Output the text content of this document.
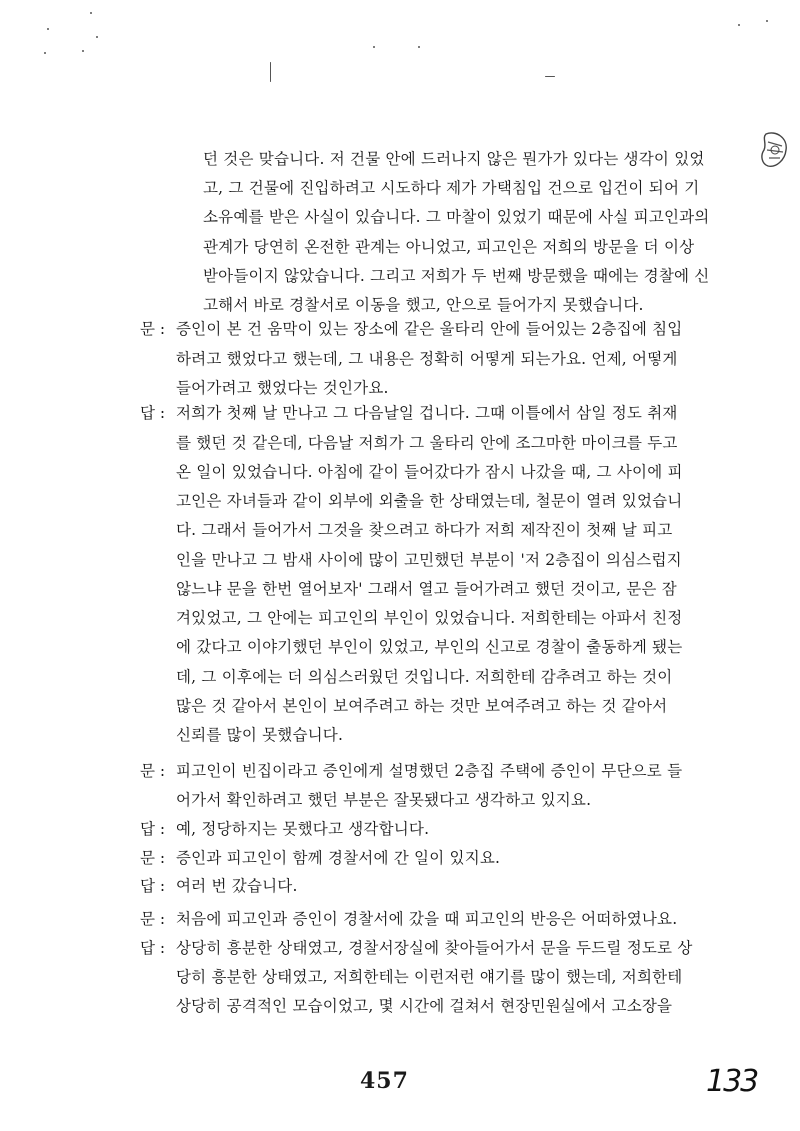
던 것은 맞습니다. 저 건물 안에 드러나지 않은 뭔가가 있다는 생각이 있었
고, 그 건물에 진입하려고 시도하다 제가 가택침입 건으로 입건이 되어 기
소유예를 받은 사실이 있습니다. 그 마찰이 있었기 때문에 사실 피고인과의
관계가 당연히 온전한 관계는 아니었고, 피고인은 저희의 방문을 더 이상
받아들이지 않았습니다. 그리고 저희가 두 번째 방문했을 때에는 경찰에 신
고해서 바로 경찰서로 이동을 했고, 안으로 들어가지 못했습니다.
문 : 증인이 본 건 움막이 있는 장소에 같은 울타리 안에 들어있는 2층집에 침입
하려고 했었다고 했는데, 그 내용은 정확히 어떻게 되는가요. 언제, 어떻게
들어가려고 했었다는 것인가요.
답 : 저희가 첫째 날 만나고 그 다음날일 겁니다. 그때 이틀에서 삼일 정도 취재
를 했던 것 같은데, 다음날 저희가 그 울타리 안에 조그마한 마이크를 두고
온 일이 있었습니다. 아침에 같이 들어갔다가 잠시 나갔을 때, 그 사이에 피
고인은 자녀들과 같이 외부에 외출을 한 상태였는데, 철문이 열려 있었습니
다. 그래서 들어가서 그것을 찾으려고 하다가 저희 제작진이 첫째 날 피고
인을 만나고 그 밤새 사이에 많이 고민했던 부분이 '저 2층집이 의심스럽지
않느냐 문을 한번 열어보자' 그래서 열고 들어가려고 했던 것이고, 문은 잠
겨있었고, 그 안에는 피고인의 부인이 있었습니다. 저희한테는 아파서 친정
에 갔다고 이야기했던 부인이 있었고, 부인의 신고로 경찰이 출동하게 됐는
데, 그 이후에는 더 의심스러웠던 것입니다. 저희한테 감추려고 하는 것이
많은 것 같아서 본인이 보여주려고 하는 것만 보여주려고 하는 것 같아서
신뢰를 많이 못했습니다.
문 : 피고인이 빈집이라고 증인에게 설명했던 2층집 주택에 증인이 무단으로 들
어가서 확인하려고 했던 부분은 잘못됐다고 생각하고 있지요.
답 : 예, 정당하지는 못했다고 생각합니다.
문 : 증인과 피고인이 함께 경찰서에 간 일이 있지요.
답 : 여러 번 갔습니다.
문 : 처음에 피고인과 증인이 경찰서에 갔을 때 피고인의 반응은 어떠하였나요.
답 : 상당히 흥분한 상태였고, 경찰서장실에 찾아들어가서 문을 두드릴 정도로 상
당히 흥분한 상태였고, 저희한테는 이런저런 얘기를 많이 했는데, 저희한테
상당히 공격적인 모습이었고, 몇 시간에 걸쳐서 현장민원실에서 고소장을
457	133
